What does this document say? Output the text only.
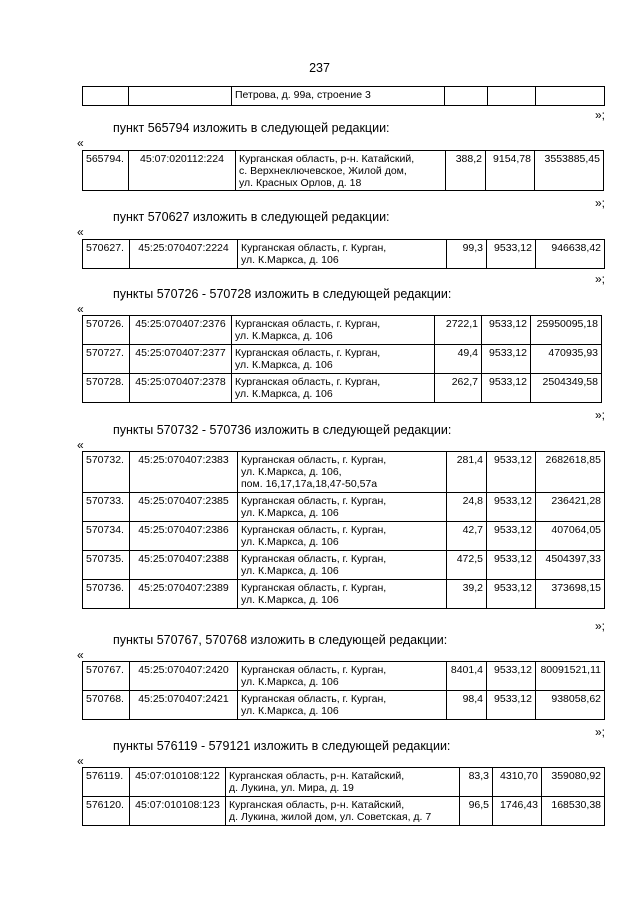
237
		Петрова, д. 99а, строение 3			
»;
пункт 565794 изложить в следующей редакции:
«
565794.	45:07:020112:224	Курганская область, р-н. Катайский,
с. Верхнеключевское, Жилой дом,
ул. Красных Орлов, д. 18
	388,2	9154,78	3553885,45
»;
пункт 570627 изложить в следующей редакции:
«
570627.	45:25:070407:2224	Курганская область, г. Курган,
ул. К.Маркса, д. 106
	99,3	9533,12	946638,42
»;
пункты 570726 - 570728 изложить в следующей редакции:
«
570726.	45:25:070407:2376	Курганская область, г. Курган,
ул. К.Маркса, д. 106	2722,1	9533,12	25950095,18
570727.	45:25:070407:2377	Курганская область, г. Курган,
ул. К.Маркса, д. 106	49,4	9533,12	470935,93
570728.	45:25:070407:2378	Курганская область, г. Курган,
ул. К.Маркса, д. 106	262,7	9533,12	2504349,58
»;
пункты 570732 - 570736 изложить в следующей редакции:
«
570732.	45:25:070407:2383	Курганская область, г. Курган,
ул. К.Маркса, д. 106,
пом. 16,17,17а,18,47-50,57а	281,4	9533,12	2682618,85
570733.	45:25:070407:2385	Курганская область, г. Курган,
ул. К.Маркса, д. 106	24,8	9533,12	236421,28
570734.	45:25:070407:2386	Курганская область, г. Курган,
ул. К.Маркса, д. 106	42,7	9533,12	407064,05
570735.	45:25:070407:2388	Курганская область, г. Курган,
ул. К.Маркса, д. 106	472,5	9533,12	4504397,33
570736.	45:25:070407:2389	Курганская область, г. Курган,
ул. К.Маркса, д. 106	39,2	9533,12	373698,15
»;
пункты 570767, 570768 изложить в следующей редакции:
«
570767.	45:25:070407:2420	Курганская область, г. Курган,
ул. К.Маркса, д. 106	8401,4	9533,12	80091521,11
570768.	45:25:070407:2421	Курганская область, г. Курган,
ул. К.Маркса, д. 106	98,4	9533,12	938058,62
»;
пункты 576119 - 579121 изложить в следующей редакции:
«
576119.	45:07:010108:122	Курганская область, р-н. Катайский,
д. Лукина, ул. Мира, д. 19	83,3	4310,70	359080,92
576120.	45:07:010108:123	Курганская область, р-н. Катайский,
д. Лукина, жилой дом, ул. Советская, д. 7	96,5	1746,43	168530,38
